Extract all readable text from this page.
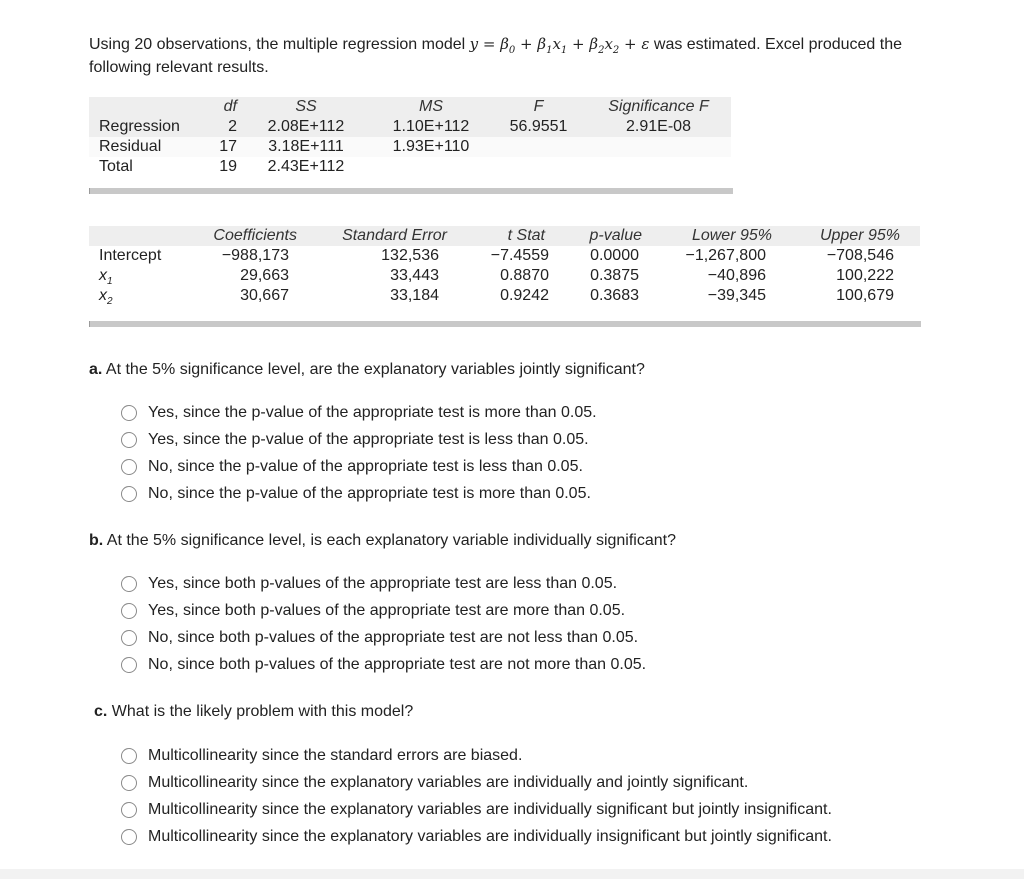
Using 20 observations, the multiple regression model $y = \beta_0 + \beta_1x_1 + \beta_2x_2 + \varepsilon$ was estimated. Excel produced the following relevant results.
	df	SS	MS	F	Significance F
Regression	2	2.08E+112	1.10E+112	56.9551	2.91E-08
Residual	17	3.18E+111	1.93E+110		
Total	19	2.43E+112			
	Coefficients	Standard Error	t Stat	p-value	Lower 95%	Upper 95%
Intercept	−988,173	132,536	−7.4559	0.0000	−1,267,800	−708,546
$x_1$	29,663	33,443	0.8870	0.3875	−40,896	100,222
$x_2$	30,667	33,184	0.9242	0.3683	−39,345	100,679
a. At the 5% significance level, are the explanatory variables jointly significant?
Yes, since the p-value of the appropriate test is more than 0.05.
Yes, since the p-value of the appropriate test is less than 0.05.
No, since the p-value of the appropriate test is less than 0.05.
No, since the p-value of the appropriate test is more than 0.05.
b. At the 5% significance level, is each explanatory variable individually significant?
Yes, since both p-values of the appropriate test are less than 0.05.
Yes, since both p-values of the appropriate test are more than 0.05.
No, since both p-values of the appropriate test are not less than 0.05.
No, since both p-values of the appropriate test are not more than 0.05.
c. What is the likely problem with this model?
Multicollinearity since the standard errors are biased.
Multicollinearity since the explanatory variables are individually and jointly significant.
Multicollinearity since the explanatory variables are individually significant but jointly insignificant.
Multicollinearity since the explanatory variables are individually insignificant but jointly significant.
